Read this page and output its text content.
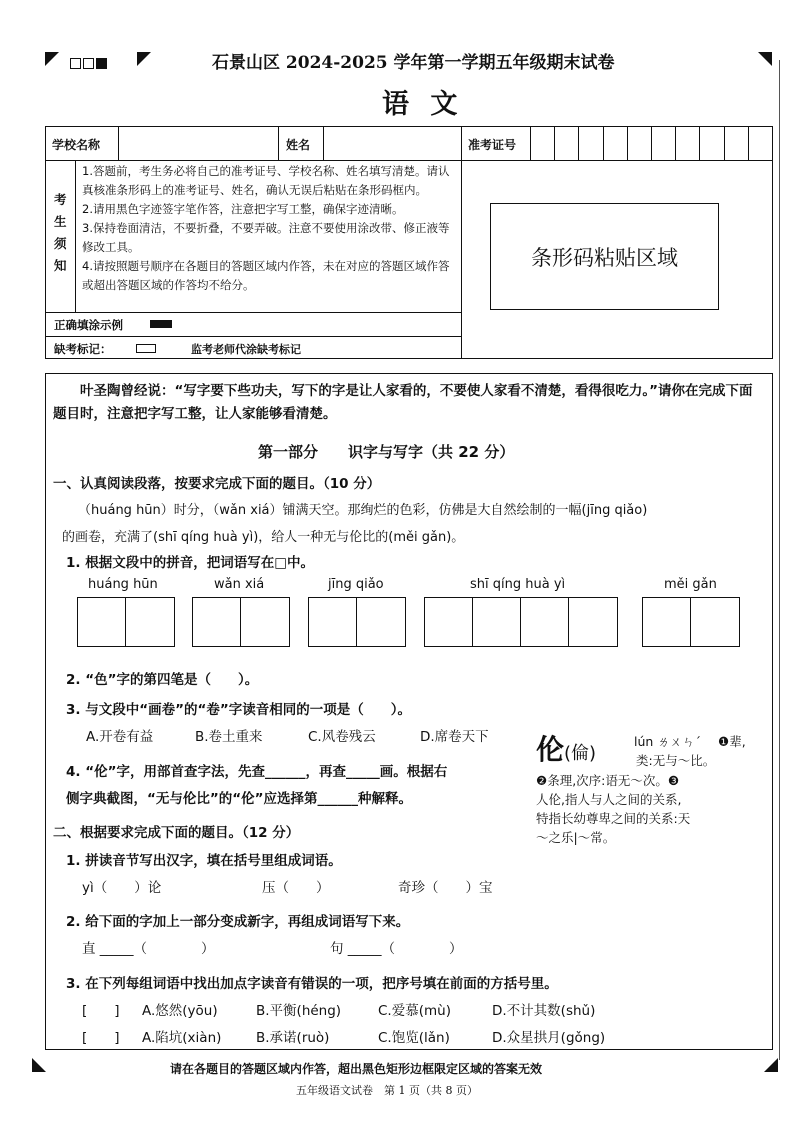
石景山区 2024-2025 学年第一学期五年级期末试卷
语 文
学校名称	姓名	准考证号
考生须知
1.答题前，考生务必将自己的准考证号、学校名称、姓名填写清楚。请认真核准条形码上的准考证号、姓名，确认无误后粘贴在条形码框内。
2.请用黑色字迹签字笔作答，注意把字写工整，确保字迹清晰。
3.保持卷面清洁，不要折叠，不要弄破。注意不要使用涂改带、修正液等修改工具。
4.请按照题号顺序在各题目的答题区域内作答，未在对应的答题区域作答或超出答题区域的作答均不给分。
正确填涂示例
缺考标记：	监考老师代涂缺考标记
条形码粘贴区域
叶圣陶曾经说：“写字要下些功夫，写下的字是让人家看的，不要使人家看不清楚，看得很吃力。”请你在完成下面题目时，注意把字写工整，让人家能够看清楚。
第一部分　　识字与写字（共 22 分）
一、认真阅读段落，按要求完成下面的题目。（10 分）
（huáng hūn）时分，（wǎn xiá）铺满天空。那绚烂的色彩，仿佛是大自然绘制的一幅(jīng qiǎo)
的画卷，充满了(shī qíng huà yì)，给人一种无与伦比的(měi gǎn)。
1. 根据文段中的拼音，把词语写在□中。
huáng hūn	wǎn xiá	jīng qiǎo	shī qíng huà yì	měi gǎn
2. “色”字的第四笔是（　　）。
3. 与文段中“画卷”的“卷”字读音相同的一项是（　　）。
A.开卷有益	B.卷土重来	C.风卷残云	D.席卷天下
4. “伦”字，用部首查字法，先查______，再查_____画。根据右
侧字典截图，“无与伦比”的“伦”应选择第______种解释。
伦(倫)
lún ㄌㄨㄣˊ ❶辈,
类:无与～比。
❷条理,次序:语无～次。❸
人伦,指人与人之间的关系,
特指长幼尊卑之间的关系:天
～之乐|～常。
二、根据要求完成下面的题目。（12 分）
1. 拼读音节写出汉字，填在括号里组成词语。
yì（　　）论	压（　　）	奇珍（　　）宝
2. 给下面的字加上一部分变成新字，再组成词语写下来。
直 _____（　　　　）	句 _____（　　　　）
3. 在下列每组词语中找出加点字读音有错误的一项，把序号填在前面的方括号里。
[　　] A.悠然(yōu)	B.平衡(héng)	C.爱慕(mù)	D.不计其数(shǔ)
[　　] A.陷坑(xiàn)	B.承诺(ruò)	C.饱览(lǎn)	D.众星拱月(gǒng)
请在各题目的答题区域内作答，超出黑色矩形边框限定区域的答案无效
五年级语文试卷　第 1 页（共 8 页）
